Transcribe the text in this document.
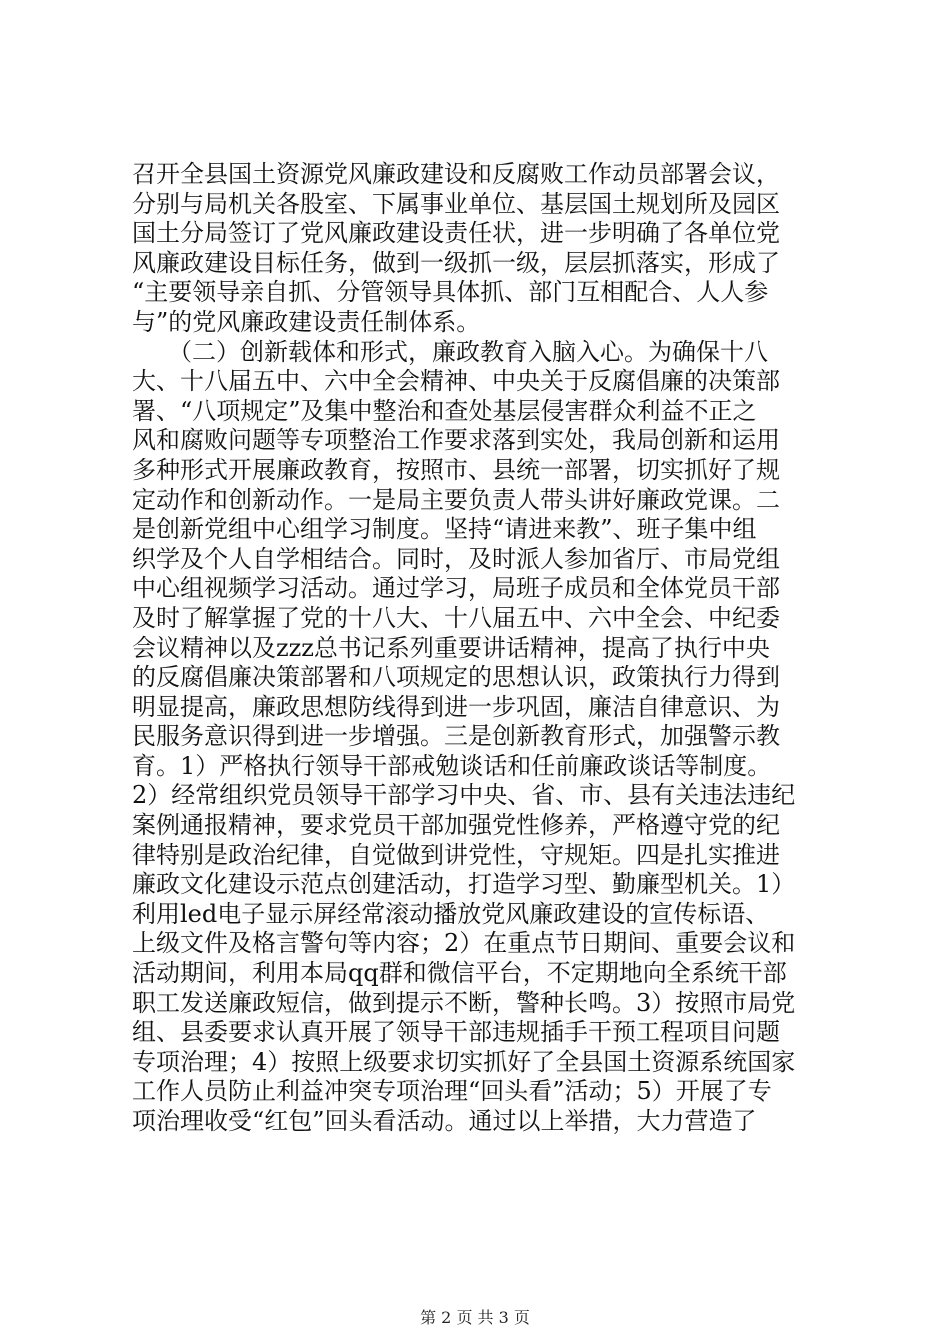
召开全县国土资源党风廉政建设和反腐败工作动员部署会议，
分别与局机关各股室、下属事业单位、基层国土规划所及园区
国土分局签订了党风廉政建设责任状，进一步明确了各单位党
风廉政建设目标任务，做到一级抓一级，层层抓落实，形成了
“主要领导亲自抓、分管领导具体抓、部门互相配合、人人参
与”的党风廉政建设责任制体系。
　　（二）创新载体和形式，廉政教育入脑入心。为确保十八
大、十八届五中、六中全会精神、中央关于反腐倡廉的决策部
署、“八项规定”及集中整治和查处基层侵害群众利益不正之
风和腐败问题等专项整治工作要求落到实处，我局创新和运用
多种形式开展廉政教育，按照市、县统一部署，切实抓好了规
定动作和创新动作。一是局主要负责人带头讲好廉政党课。二
是创新党组中心组学习制度。坚持“请进来教”、班子集中组
织学及个人自学相结合。同时，及时派人参加省厅、市局党组
中心组视频学习活动。通过学习，局班子成员和全体党员干部
及时了解掌握了党的十八大、十八届五中、六中全会、中纪委
会议精神以及zzz总书记系列重要讲话精神，提高了执行中央
的反腐倡廉决策部署和八项规定的思想认识，政策执行力得到
明显提高，廉政思想防线得到进一步巩固，廉洁自律意识、为
民服务意识得到进一步增强。三是创新教育形式，加强警示教
育。1）严格执行领导干部戒勉谈话和任前廉政谈话等制度。
2）经常组织党员领导干部学习中央、省、市、县有关违法违纪
案例通报精神，要求党员干部加强党性修养，严格遵守党的纪
律特别是政治纪律，自觉做到讲党性，守规矩。四是扎实推进
廉政文化建设示范点创建活动，打造学习型、勤廉型机关。1）
利用led电子显示屏经常滚动播放党风廉政建设的宣传标语、
上级文件及格言警句等内容；2）在重点节日期间、重要会议和
活动期间，利用本局qq群和微信平台，不定期地向全系统干部
职工发送廉政短信，做到提示不断，警种长鸣。3）按照市局党
组、县委要求认真开展了领导干部违规插手干预工程项目问题
专项治理；4）按照上级要求切实抓好了全县国土资源系统国家
工作人员防止利益冲突专项治理“回头看”活动；5）开展了专
项治理收受“红包”回头看活动。通过以上举措，大力营造了
第 2 页 共 3 页
